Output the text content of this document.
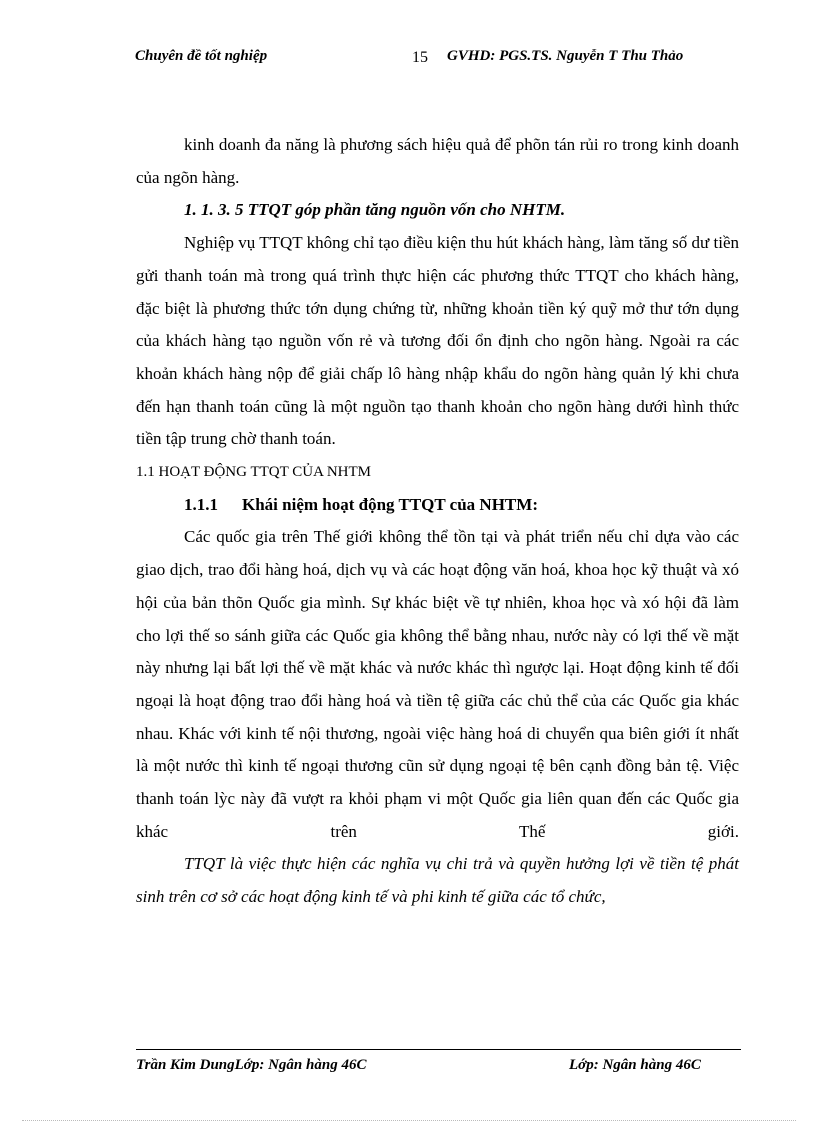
Chuyên đề tốt nghiệp	15 GVHD: PGS.TS. Nguyễn T Thu Thảo

kinh doanh đa năng là phương sách hiệu quả để phõn tán rủi ro trong kinh doanh của ngõn hàng.

1. 1. 3. 5 TTQT góp phần tăng nguồn vốn cho NHTM.

Nghiệp vụ TTQT không chỉ tạo điều kiện thu hút khách hàng, làm tăng số dư tiền gửi thanh toán mà trong quá trình thực hiện các phương thức TTQT cho khách hàng, đặc biệt là phương thức tớn dụng chứng từ, những khoản tiền ký quỹ mở thư tớn dụng của khách hàng tạo nguồn vốn rẻ và tương đối ổn định cho ngõn hàng. Ngoài ra các khoản khách hàng nộp để giải chấp lô hàng nhập khẩu do ngõn hàng quản lý khi chưa đến hạn thanh toán cũng là một nguồn tạo thanh khoản cho ngõn hàng dưới hình thức tiền tập trung chờ thanh toán.

1.1 HOẠT ĐỘNG TTQT CỦA NHTM
1.1.1 Khái niệm hoạt động TTQT của NHTM:

Các quốc gia trên Thế giới không thể tồn tại và phát triển nếu chỉ dựa vào các giao dịch, trao đổi hàng hoá, dịch vụ và các hoạt động văn hoá, khoa học kỹ thuật và xó hội của bản thõn Quốc gia mình. Sự khác biệt về tự nhiên, khoa học và xó hội đã làm cho lợi thế so sánh giữa các Quốc gia không thể bằng nhau, nước này có lợi thế về mặt này nhưng lại bất lợi thế về mặt khác và nước khác thì ngược lại. Hoạt động kinh tế đối ngoại là hoạt động trao đổi hàng hoá và tiền tệ giữa các chủ thể của các Quốc gia khác nhau. Khác với kinh tế nội thương, ngoài việc hàng hoá di chuyển qua biên giới ít nhất là một nước thì kinh tế ngoại thương cũn sử dụng ngoại tệ bên cạnh đồng bản tệ. Việc thanh toán lỳc này đã vượt ra khỏi phạm vi một Quốc gia liên quan đến các Quốc gia khác trên Thế giới.

TTQT là việc thực hiện các nghĩa vụ chi trả và quyền hưởng lợi về tiền tệ phát sinh trên cơ sở các hoạt động kinh tế và phi kinh tế giữa các tổ chức,

Trần Kim DungLớp: Ngân hàng 46C	Lớp: Ngân hàng 46C
